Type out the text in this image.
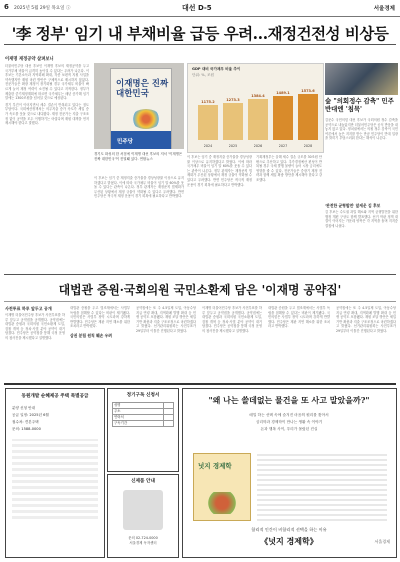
6 2025년 5월 29일 목요일 ⓘ	대선 D-5	서울경제
'李 정부' 임기 내 부채비율 급등 우려…재정건전성 비상등
이재명 재정공약 살펴보니

더불어민주당 대선 후보인 이재명 후보의 재정공약을 두고 국가부채 비율이 급격히 높아질 수 있다는 우려가 나온다. 이 후보는 기본소득과 지역화폐 확대, 각종 보편적 지원 사업을 약속했지만 재원 마련 방안은 구체적으로 제시하지 않았다. 전문가들은 확장 재정이 장기화될 경우 국가채무 비율이 빠르게 늘어 재정 여력이 소진될 수 있다고 지적한다. 정부가 제출한 중기재정계획에 따르면 국가채무는 매년 증가해 임기 말에는 1300조원을 넘어설 것으로 예상된다.

경기 부진이 이어지면서 세수 결손이 반복되고 있다는 점도 부담이다. 국회예산정책처는 의무지출 증가 속도가 세입 증가 속도를 웃돌 것으로 내다봤다. 재정 전문가는 지출 구조조정 없이 공약을 모두 이행하기는 어렵다며 재원 대책을 먼저 제시해야 한다고 말했다.

이재명은 진짜 대한민국
민주당
경기도 화성의 한 서점에 이재명 대선 후보의 저서 '이재명은 진짜 대한민국'이 진열돼 있다. 연합뉴스

이 후보는 임기 중 재정지출 증가율을 경상성장률 이상으로 유지하겠다고 밝혔다. 이에 따라 국가채무 비율이 임기 말 60%를 웃돌 수 있다는 관측이 나온다. 정부 관계자는 재정준칙 법제화가 무산된 상황에서 재정 규율이 약화될 수 있다고 우려했다. 반면 민주당은 적극적 재정 운용이 경기 회복에 필요하다고 반박했다.

GDP 대비 국가채무 비율 추이
단위: %, 조원
1175.2
2024
1273.3
2025
1384.4
2026
1489.1
2027
1573.6
2028

이 후보는 임기 중 재정지출 증가율을 경상성장률 이상으로 유지하겠다고 밝혔다. 이에 따라 국가채무 비율이 임기 말 60%를 웃돌 수 있다는 관측이 나온다. 정부 관계자는 재정준칙 법제화가 무산된 상황에서 재정 규율이 약화될 수 있다고 우려했다. 반면 민주당은 적극적 재정 운용이 경기 회복에 필요하다고 반박했다.

기획재정부는 올해 세수 결손 규모를 30조원 안팎으로 추산하고 있다. 추가경정예산 편성이 반복될 경우 국채 발행 물량이 늘어 시장 금리에도 영향을 줄 수 있다. 전문가들은 중장기 재정 전략과 함께 세입 확충 방안을 제시해야 한다고 강조했다.

숲 "의회정수 감축" 민주 반대엔 '침묵'
김문수 국민의힘 대선 후보가 국회의원 정수 감축을 공약으로 내놓았지만 더불어민주당은 공식 반응을 내놓지 않고 있다. 정치권에서는 의원 정수 감축이 국민 여론에서 높은 지지를 받는 만큼 민주당이 반대 입장을 밝히기 부담스러워 한다는 해석이 나온다.
'완전한 균형발전' 앞세운 김 후보
김 후보는 수도권 과밀 해소와 지역 균형발전을 위한 행정 개편 구상도 함께 발표했다. 선거 막판 정책 대결이 이어지는 가운데 양측은 각 지역을 돌며 지지층 결집에 나섰다.
대법관 증원·국회의원 국민소환제 담은 '이재명 공약집'
사전투표 하루 앞두고 공개
이재명 더불어민주당 후보가 사전투표를 하루 앞두고 공약집을 공개했다. 공약집에는 대법관 증원과 국회의원 국민소환제 도입, 검찰 개혁 등 정치·사법 분야 공약이 대거 담겼다. 민주당은 공약집을 통해 국정 운영의 청사진을 제시했다고 설명했다.
대법관 증원을 두고 법조계에서는 사법부 독립을 침해할 수 있다는 비판이 제기됐다. 국민의힘은 사법부 장악 시도라며 강하게 반발했다. 민주당은 재판 지연 해소를 위한 조치라고 반박했다.
삼권 분립 원칙 훼손 우려
공약집에는 또 주 4.5일제 도입, 아동수당 지급 연령 확대, 지역화폐 발행 확대 등 민생 공약도 포함됐다. 재원 조달 방안은 세입 기반 확충과 지출 구조조정으로 마련하겠다고 밝혔다. 선거관리위원회는 사전투표가 29일부터 이틀간 진행된다고 밝혔다.
이재명 더불어민주당 후보가 사전투표를 하루 앞두고 공약집을 공개했다. 공약집에는 대법관 증원과 국회의원 국민소환제 도입, 검찰 개혁 등 정치·사법 분야 공약이 대거 담겼다. 민주당은 공약집을 통해 국정 운영의 청사진을 제시했다고 설명했다.
대법관 증원을 두고 법조계에서는 사법부 독립을 침해할 수 있다는 비판이 제기됐다. 국민의힘은 사법부 장악 시도라며 강하게 반발했다. 민주당은 재판 지연 해소를 위한 조치라고 반박했다.
공약집에는 또 주 4.5일제 도입, 아동수당 지급 연령 확대, 지역화폐 발행 확대 등 민생 공약도 포함됐다. 재원 조달 방안은 세입 기반 확충과 지출 구조조정으로 마련하겠다고 밝혔다. 선거관리위원회는 사전투표가 29일부터 이틀간 진행된다고 밝혔다.
동원개발 순혜제공 주택 특별공급
분양 신청 안내
공급 일정: 2025년 6월
접수처: 견본주택
문의: 1588-0000
정기구독 신청서
성명	
주소	
연락처	
구독기간	
신제품 안내
문의 02-724-0000
서울경제 독자센터
"왜 나는 쓸데없는 물건을 또 사고 말았을까?"
매일 하는 선택 속에 숨겨진 마음의 원리를 찾아서
심리학과 경제학이 만나는 생활 속 이야기
돈과 행복 사이, 우리가 몰랐던 진실
넛지 경제학
합리적 인간이 비합리적 선택을 하는 이유
《넛지 경제학》	서울경제
